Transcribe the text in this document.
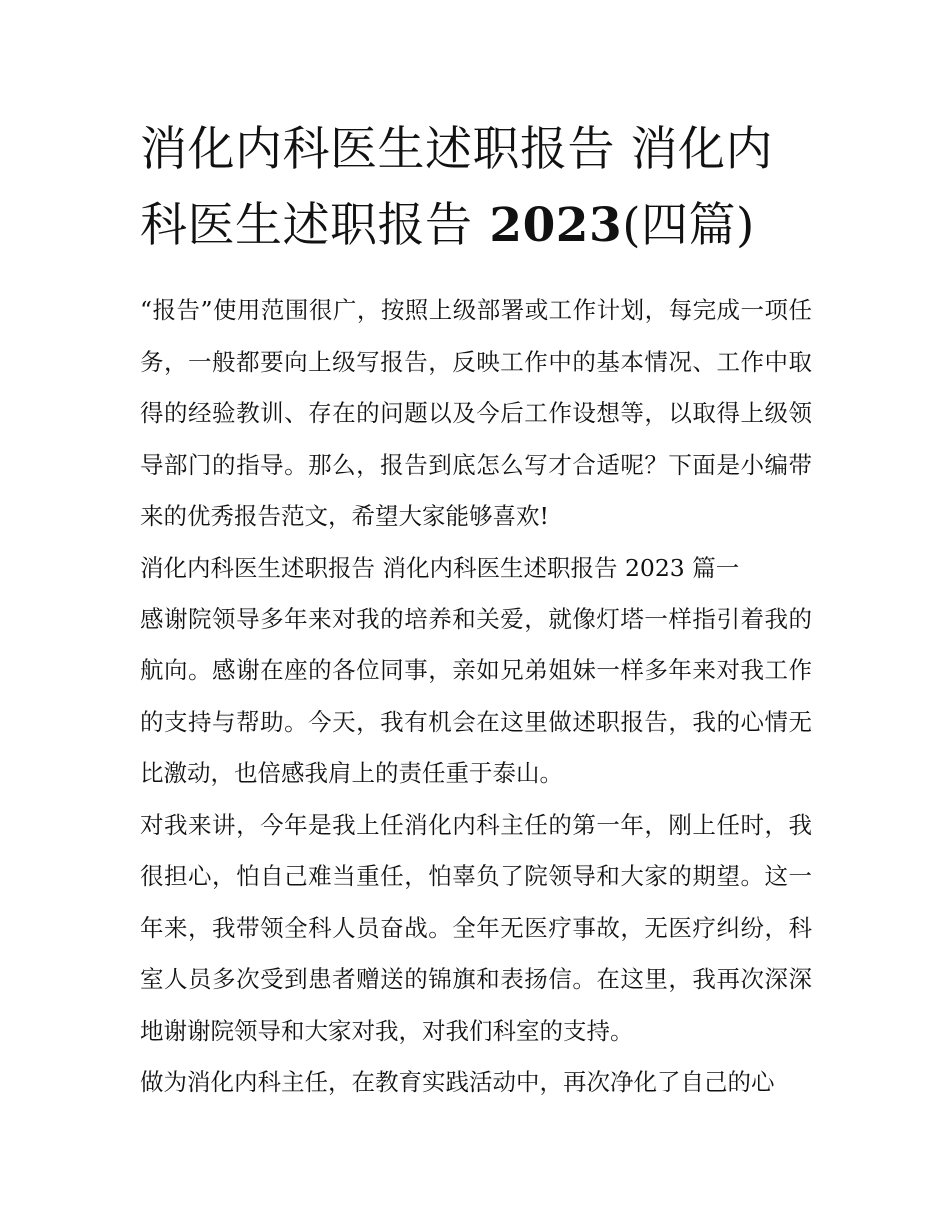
消化内科医生述职报告 消化内科医生述职报告 2023(四篇)

“报告”使用范围很广，按照上级部署或工作计划，每完成一项任务，一般都要向上级写报告，反映工作中的基本情况、工作中取得的经验教训、存在的问题以及今后工作设想等，以取得上级领导部门的指导。那么，报告到底怎么写才合适呢？下面是小编带来的优秀报告范文，希望大家能够喜欢!

消化内科医生述职报告 消化内科医生述职报告 2023 篇一

感谢院领导多年来对我的培养和关爱，就像灯塔一样指引着我的航向。感谢在座的各位同事，亲如兄弟姐妹一样多年来对我工作的支持与帮助。今天，我有机会在这里做述职报告，我的心情无比激动，也倍感我肩上的责任重于泰山。

对我来讲，今年是我上任消化内科主任的第一年，刚上任时，我很担心，怕自己难当重任，怕辜负了院领导和大家的期望。这一年来，我带领全科人员奋战。全年无医疗事故，无医疗纠纷，科室人员多次受到患者赠送的锦旗和表扬信。在这里，我再次深深地谢谢院领导和大家对我，对我们科室的支持。

做为消化内科主任，在教育实践活动中，再次净化了自己的心
